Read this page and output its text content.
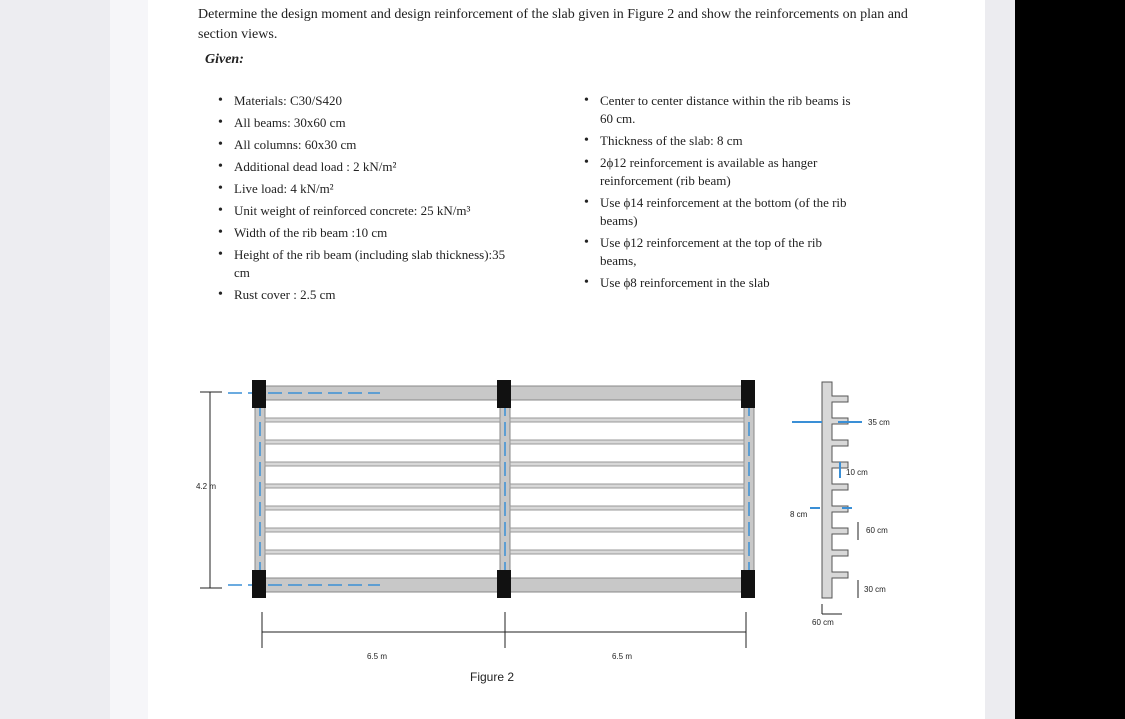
Determine the design moment and design reinforcement of the slab given in Figure 2 and show the reinforcements on plan and section views.
Given:
• Materials: C30/S420
• All beams: 30x60 cm
• All columns: 60x30 cm
• Additional dead load : 2 kN/m²
• Live load: 4 kN/m²
• Unit weight of reinforced concrete: 25 kN/m³
• Width of the rib beam :10 cm
• Height of the rib beam (including slab thickness):35 cm
• Rust cover : 2.5 cm
• Center to center distance within the rib beams is 60 cm.
• Thickness of the slab: 8 cm
• 2ϕ12 reinforcement is available as hanger reinforcement (rib beam)
• Use ϕ14 reinforcement at the bottom (of the rib beams)
• Use ϕ12 reinforcement at the top of the rib beams,
• Use ϕ8 reinforcement in the slab
4.2 m
6.5 m	6.5 m
35 cm
10 cm
8 cm
60 cm
30 cm
60 cm
Figure 2
